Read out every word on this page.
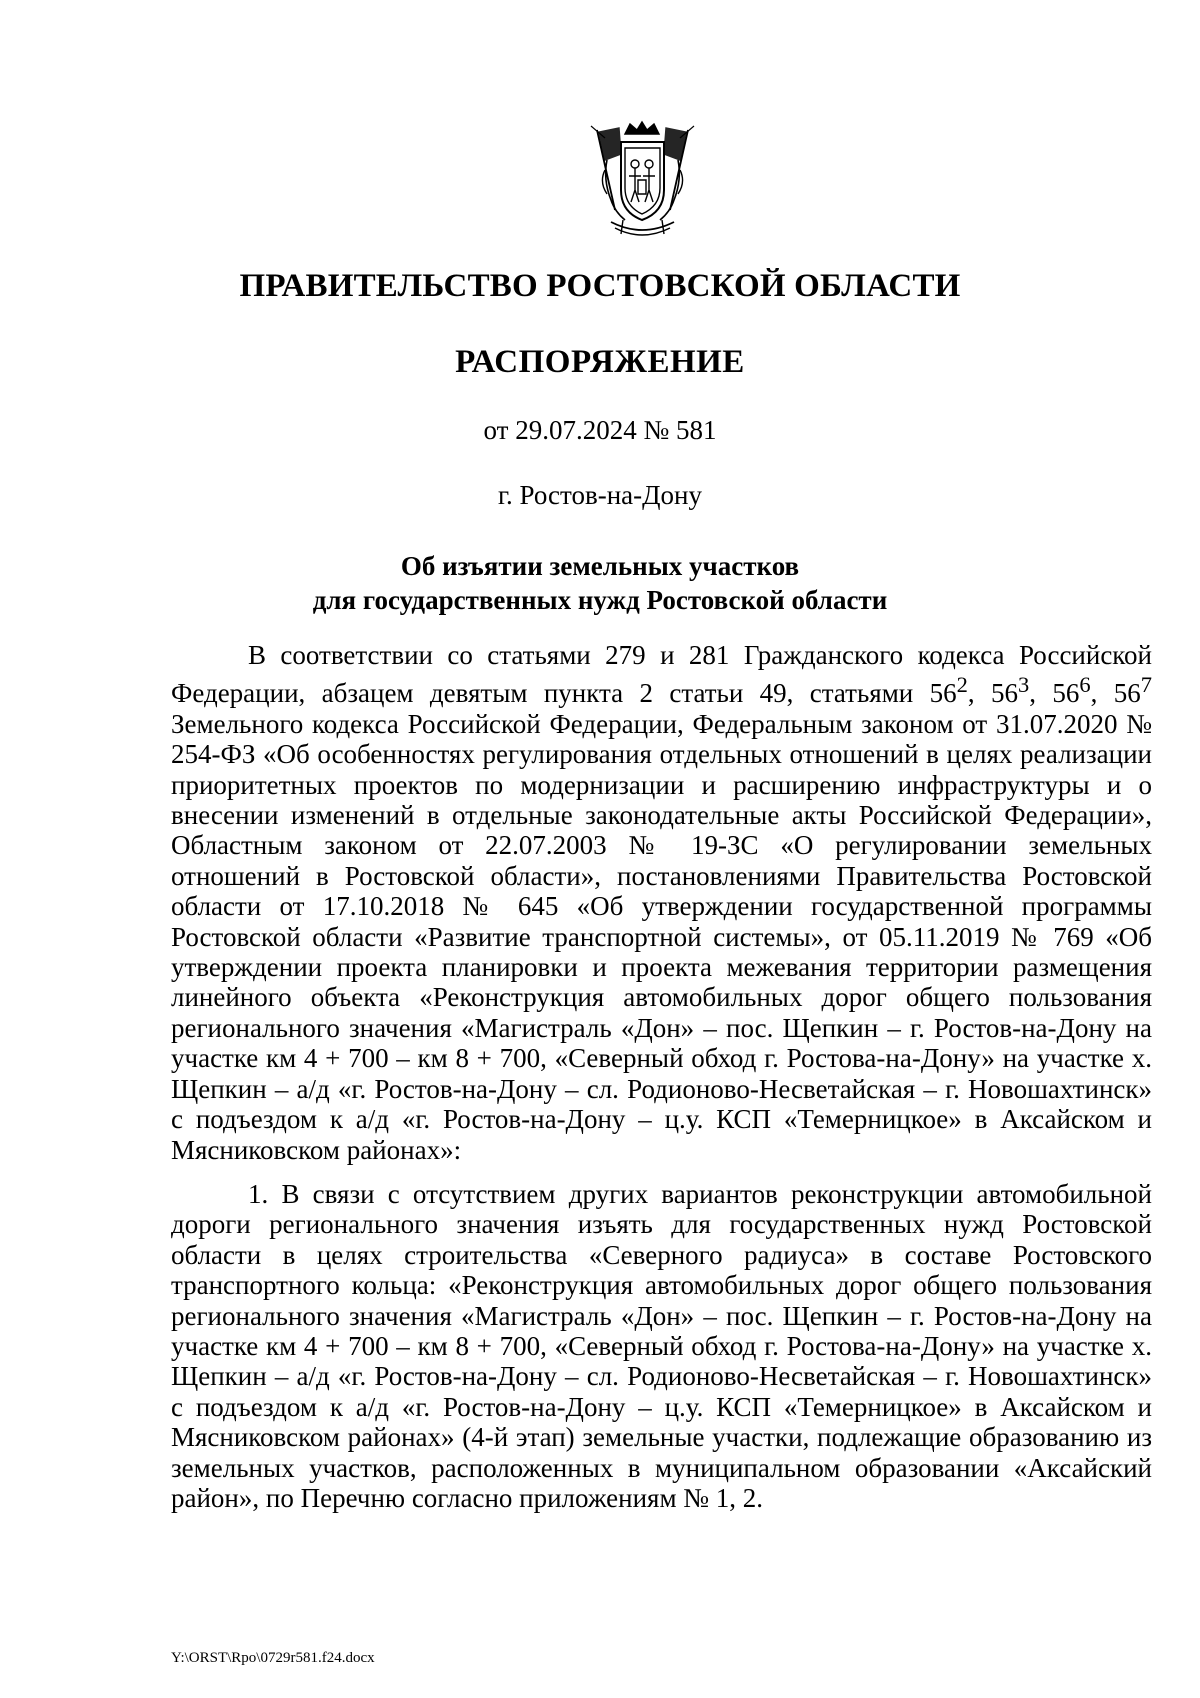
ПРАВИТЕЛЬСТВО РОСТОВСКОЙ ОБЛАСТИ
РАСПОРЯЖЕНИЕ
от 29.07.2024 № 581
г. Ростов-на-Дону
Об изъятии земельных участков
для государственных нужд Ростовской области

В соответствии со статьями 279 и 281 Гражданского кодекса Российской Федерации, абзацем девятым пункта 2 статьи 49, статьями $56^2$, $56^3$, $56^6$, $56^7$ Земельного кодекса Российской Федерации, Федеральным законом от 31.07.2020 № 254-ФЗ «Об особенностях регулирования отдельных отношений в целях реализации приоритетных проектов по модернизации и расширению инфраструктуры и о внесении изменений в отдельные законодательные акты Российской Федерации», Областным законом от 22.07.2003 № 19-ЗС «О регулировании земельных отношений в Ростовской области», постановлениями Правительства Ростовской области от 17.10.2018 № 645 «Об утверждении государственной программы Ростовской области «Развитие транспортной системы», от 05.11.2019 № 769 «Об утверждении проекта планировки и проекта межевания территории размещения линейного объекта «Реконструкция автомобильных дорог общего пользования регионального значения «Магистраль «Дон» – пос. Щепкин – г. Ростов-на-Дону на участке км 4 + 700 – км 8 + 700, «Северный обход г. Ростова-на-Дону» на участке х. Щепкин – а/д «г. Ростов-на-Дону – сл. Родионово-Несветайская – г. Новошахтинск» с подъездом к а/д «г. Ростов-на-Дону – ц.у. КСП «Темерницкое» в Аксайском и Мясниковском районах»:

1. В связи с отсутствием других вариантов реконструкции автомобильной дороги регионального значения изъять для государственных нужд Ростовской области в целях строительства «Северного радиуса» в составе Ростовского транспортного кольца: «Реконструкция автомобильных дорог общего пользования регионального значения «Магистраль «Дон» – пос. Щепкин – г. Ростов-на-Дону на участке км 4 + 700 – км 8 + 700, «Северный обход г. Ростова-на-Дону» на участке х. Щепкин – а/д «г. Ростов-на-Дону – сл. Родионово-Несветайская – г. Новошахтинск» с подъездом к а/д «г. Ростов-на-Дону – ц.у. КСП «Темерницкое» в Аксайском и Мясниковском районах» (4-й этап) земельные участки, подлежащие образованию из земельных участков, расположенных в муниципальном образовании «Аксайский район», по Перечню согласно приложениям № 1, 2.

Y:\ORST\Rpo\0729r581.f24.docx
